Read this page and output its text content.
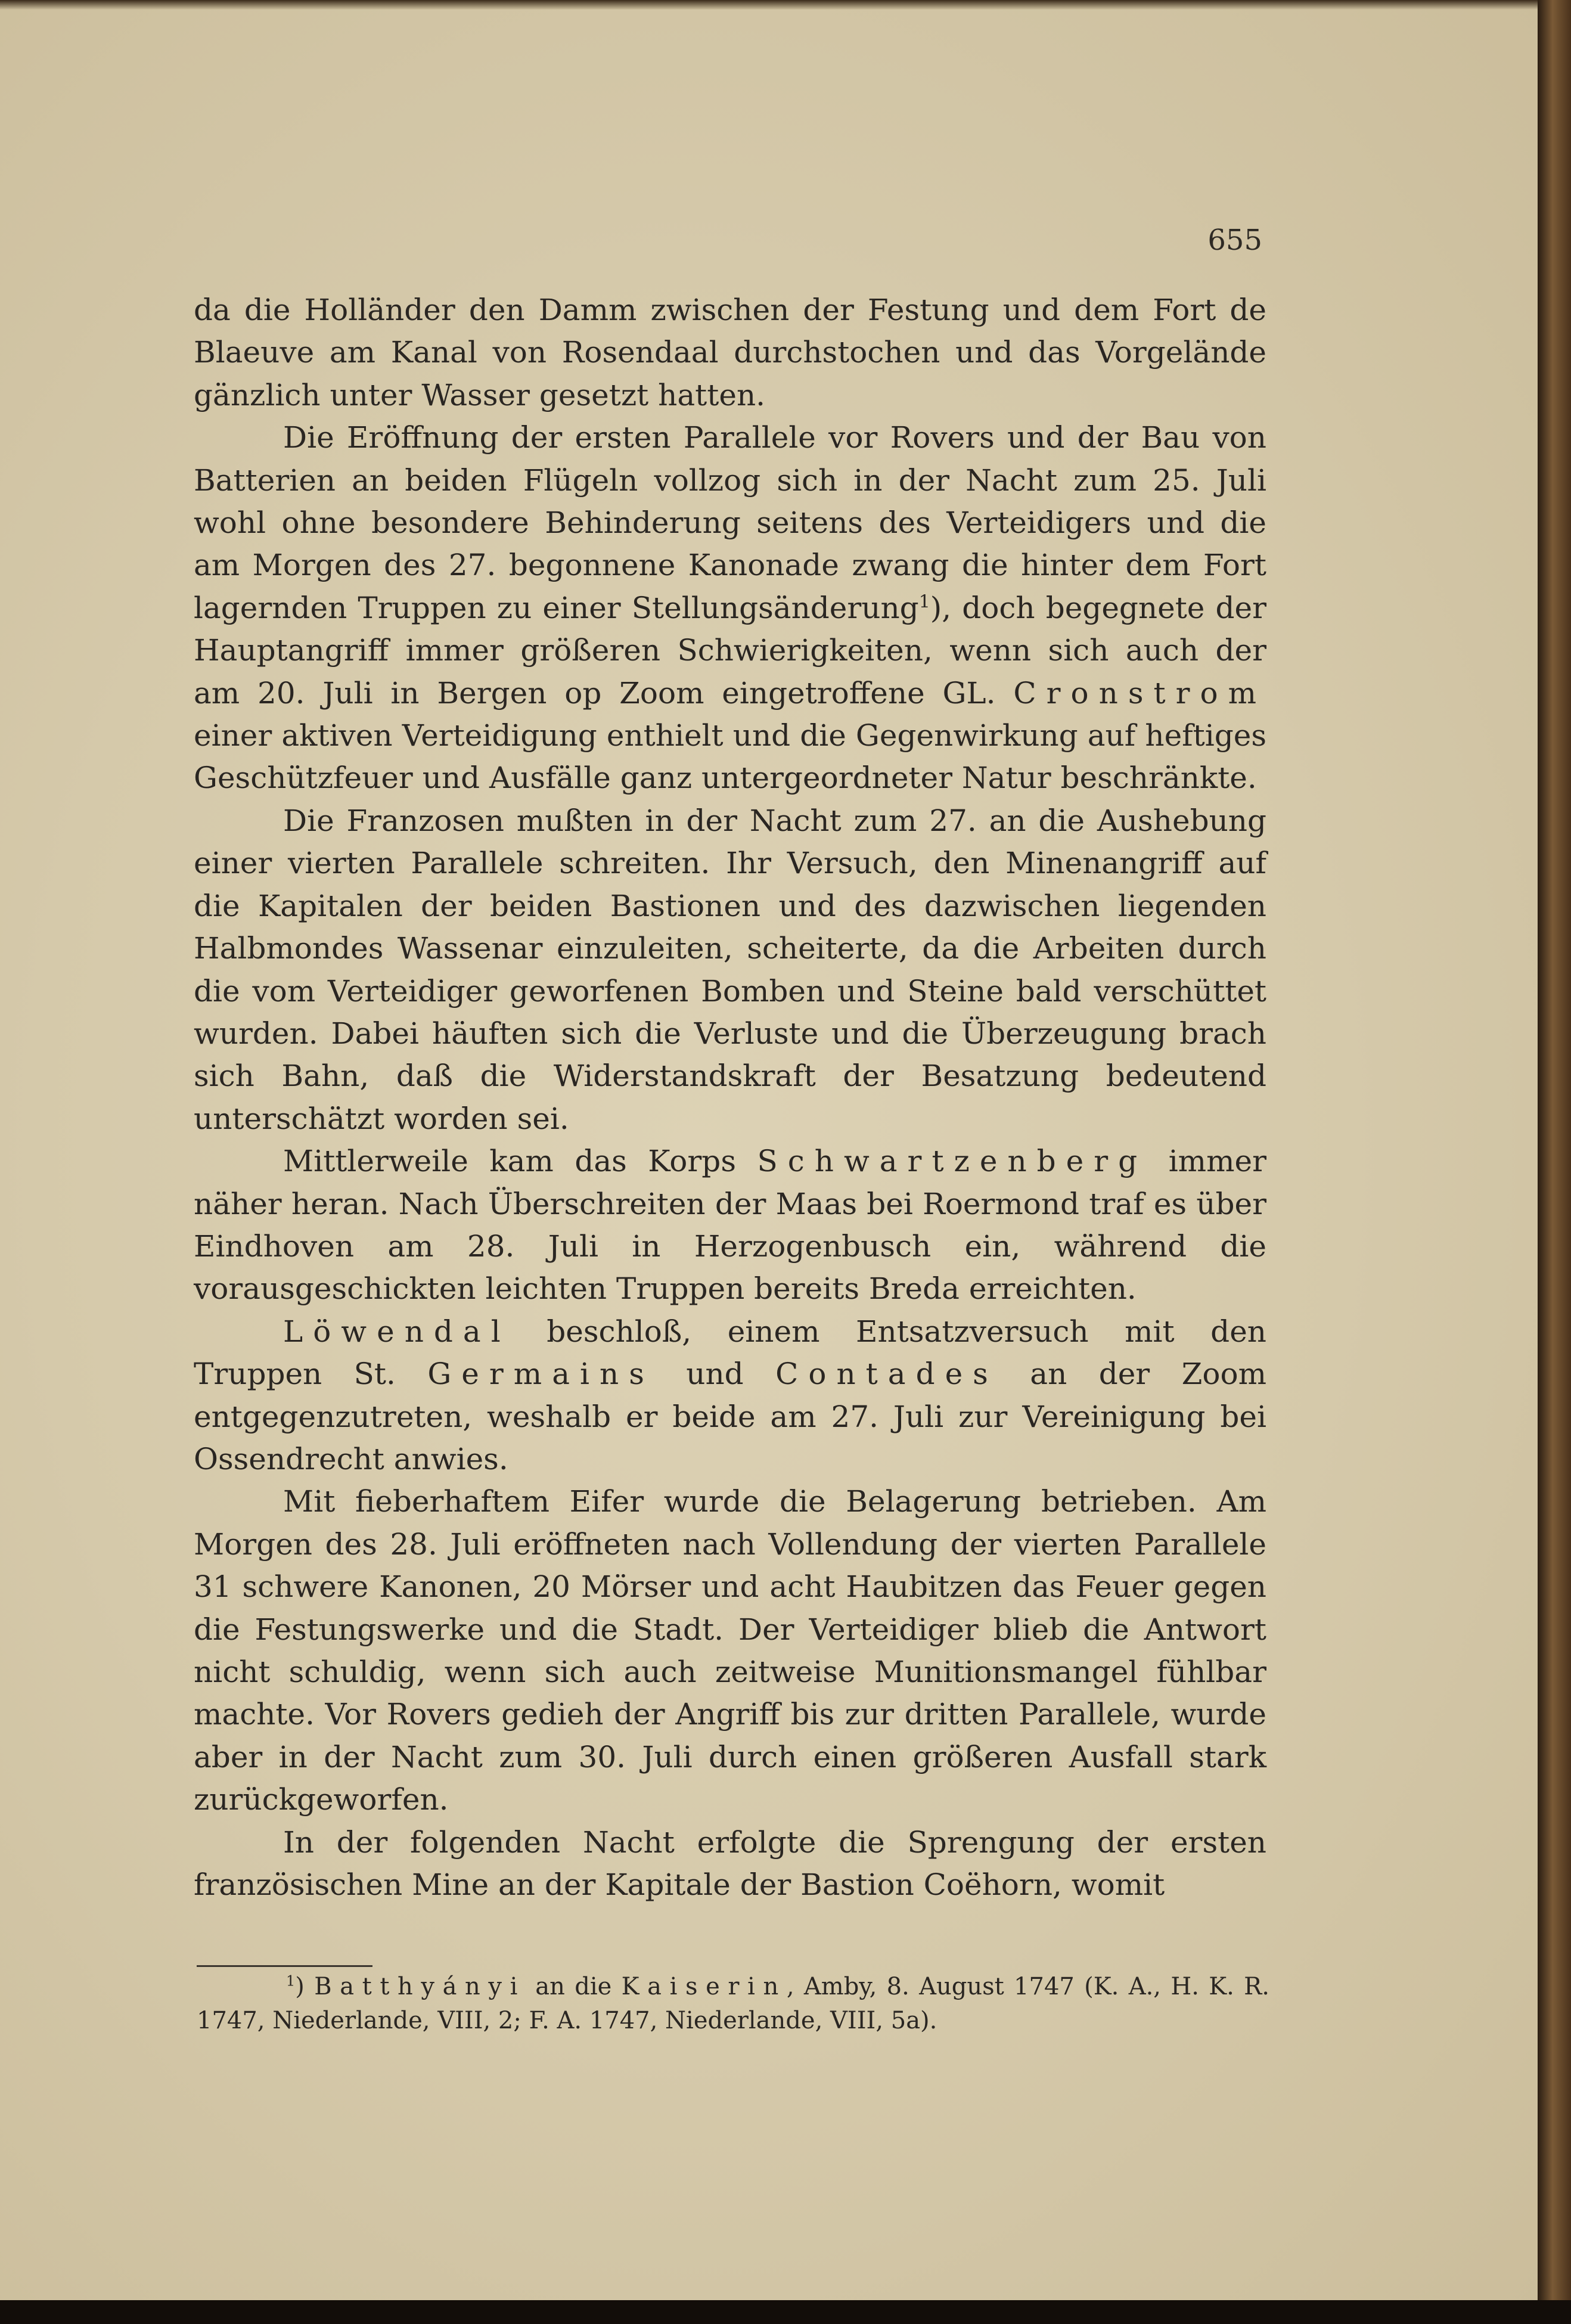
655

da die Holländer den Damm zwischen der Festung und dem Fort de Blaeuve am Kanal von Rosendaal durchstochen und das Vorgelände gänzlich unter Wasser gesetzt hatten.

Die Eröffnung der ersten Parallele vor Rovers und der Bau von Batterien an beiden Flügeln vollzog sich in der Nacht zum 25. Juli wohl ohne besondere Behinderung seitens des Verteidigers und die am Morgen des 27. begonnene Kanonade zwang die hinter dem Fort lagernden Truppen zu einer Stellungsänderung$^1$), doch begegnete der Hauptangriff immer größeren Schwierigkeiten, wenn sich auch der am 20. Juli in Bergen op Zoom eingetroffene GL. Cronstrom einer aktiven Verteidigung enthielt und die Gegenwirkung auf heftiges Geschützfeuer und Ausfälle ganz untergeordneter Natur beschränkte.

Die Franzosen mußten in der Nacht zum 27. an die Aushebung einer vierten Parallele schreiten. Ihr Versuch, den Minenangriff auf die Kapitalen der beiden Bastionen und des dazwischen liegenden Halbmondes Wassenar einzuleiten, scheiterte, da die Arbeiten durch die vom Verteidiger geworfenen Bomben und Steine bald verschüttet wurden. Dabei häuften sich die Verluste und die Überzeugung brach sich Bahn, daß die Widerstandskraft der Besatzung bedeutend unterschätzt worden sei.

Mittlerweile kam das Korps Schwartzenberg immer näher heran. Nach Überschreiten der Maas bei Roermond traf es über Eindhoven am 28. Juli in Herzogenbusch ein, während die vorausgeschickten leichten Truppen bereits Breda erreichten.

Löwendal beschloß, einem Entsatzversuch mit den Truppen St. Germains und Contades an der Zoom entgegenzutreten, weshalb er beide am 27. Juli zur Vereinigung bei Ossendrecht anwies.

Mit fieberhaftem Eifer wurde die Belagerung betrieben. Am Morgen des 28. Juli eröffneten nach Vollendung der vierten Parallele 31 schwere Kanonen, 20 Mörser und acht Haubitzen das Feuer gegen die Festungswerke und die Stadt. Der Verteidiger blieb die Antwort nicht schuldig, wenn sich auch zeitweise Munitionsmangel fühlbar machte. Vor Rovers gedieh der Angriff bis zur dritten Parallele, wurde aber in der Nacht zum 30. Juli durch einen größeren Ausfall stark zurückgeworfen.

In der folgenden Nacht erfolgte die Sprengung der ersten französischen Mine an der Kapitale der Bastion Coëhorn, womit

$^1$) Batthyányi an die Kaiserin, Amby, 8. August 1747 (K. A., H. K. R. 1747, Niederlande, VIII, 2; F. A. 1747, Niederlande, VIII, 5a).
